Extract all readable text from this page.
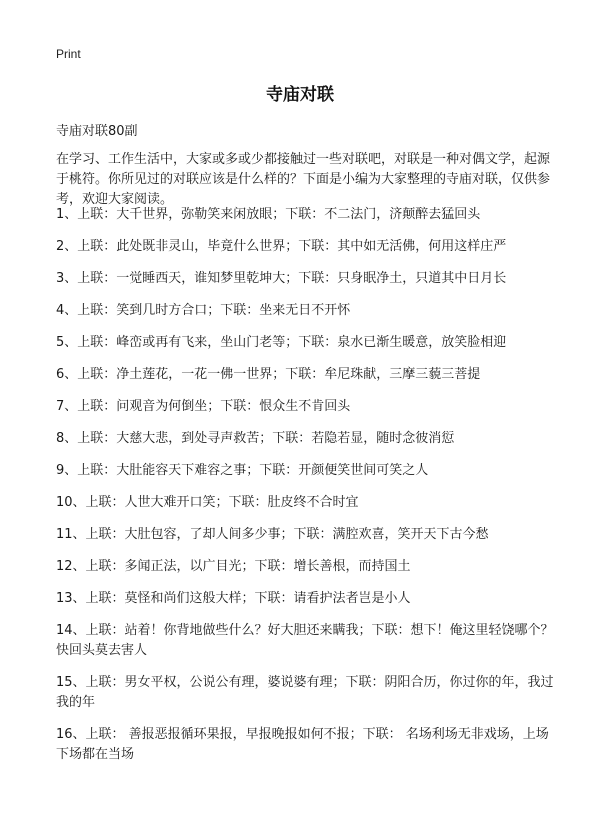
Print
寺庙对联
寺庙对联80副
在学习、工作生活中，大家或多或少都接触过一些对联吧，对联是一种对偶文学，起源于桃符。你所见过的对联应该是什么样的？下面是小编为大家整理的寺庙对联，仅供参考，欢迎大家阅读。
1、上联：大千世界，弥勒笑来闲放眼；下联：不二法门，济颠醉去猛回头
2、上联：此处既非灵山，毕竟什么世界；下联：其中如无活佛，何用这样庄严
3、上联：一觉睡西天，谁知梦里乾坤大；下联：只身眠净土，只道其中日月长
4、上联：笑到几时方合口；下联：坐来无日不开怀
5、上联：峰峦或再有飞来，坐山门老等；下联：泉水已渐生暖意，放笑脸相迎
6、上联：净土莲花，一花一佛一世界；下联：牟尼珠献，三摩三藐三菩提
7、上联：问观音为何倒坐；下联：恨众生不肯回头
8、上联：大慈大悲，到处寻声救苦；下联：若隐若显，随时念彼消愆
9、上联：大肚能容天下难容之事；下联：开颜便笑世间可笑之人
10、上联：人世大难开口笑；下联：肚皮终不合时宜
11、上联：大肚包容，了却人间多少事；下联：满腔欢喜，笑开天下古今愁
12、上联：多闻正法，以广目光；下联：增长善根，而持国土
13、上联：莫怪和尚们这般大样；下联：请看护法者岂是小人
14、上联：站着！你背地做些什么？好大胆还来瞒我；下联：想下！俺这里轻饶哪个？快回头莫去害人
15、上联：男女平权，公说公有理，婆说婆有理；下联：阴阳合历，你过你的年，我过我的年
16、上联： 善报恶报循环果报，早报晚报如何不报；下联： 名场利场无非戏场，上场下场都在当场
